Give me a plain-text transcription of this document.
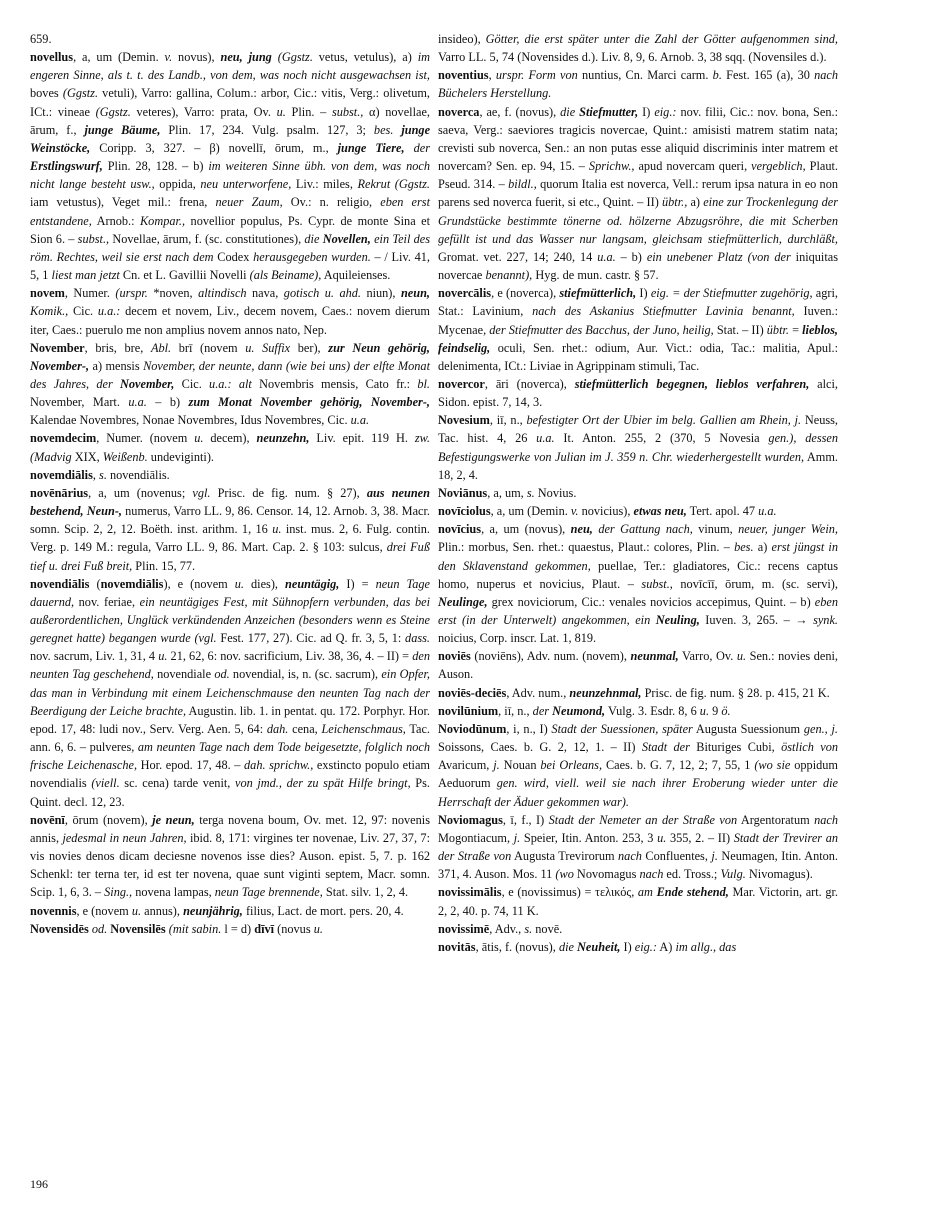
659.
novellus, a, um (Demin. v. novus), neu, jung (Ggstz. vetus, vetulus), a) im engeren Sinne, als t. t. des Landb., von dem, was noch nicht ausgewachsen ist, boves (Ggstz. vetuli), Varro: gallina, Colum.: arbor, Cic.: vitis, Verg.: olivetum, ICt.: vineae (Ggstz. veteres), Varro: prata, Ov. u. Plin. – subst., α) novellae, ārum, f., junge Bäume, Plin. 17, 234. Vulg. psalm. 127, 3; bes. junge Weinstöcke, Coripp. 3, 327. – β) novellī, ōrum, m., junge Tiere, der Erstlingswurf, Plin. 28, 128. – b) im weiteren Sinne übh. von dem, was noch nicht lange besteht usw., oppida, neu unterworfene, Liv.: miles, Rekrut (Ggstz. iam vetustus), Veget mil.: frena, neuer Zaum, Ov.: n. religio, eben erst entstandene, Arnob.: Kompar., novellior populus, Ps. Cypr. de monte Sina et Sion 6. – subst., Novellae, ārum, f. (sc. constitutiones), die Novellen, ein Teil des röm. Rechtes, weil sie erst nach dem Codex herausgegeben wurden. – / Liv. 41, 5, 1 liest man jetzt Cn. et L. Gavillii Novelli (als Beiname), Aquileienses.
novem, Numer. (urspr. *noven, altindisch nava, gotisch u. ahd. niun), neun, Komik., Cic. u.a.: decem et novem, Liv., decem novem, Caes.: novem dierum iter, Caes.: puerulo me non amplius novem annos nato, Nep.
November, bris, bre, Abl. brī (novem u. Suffix ber), zur Neun gehörig, November-, a) mensis November, der neunte, dann (wie bei uns) der elfte Monat des Jahres, der November, Cic. u.a.: alt Novembris mensis, Cato fr.: bl. November, Mart. u.a. – b) zum Monat November gehörig, November-, Kalendae Novembres, Nonae Novembres, Idus Novembres, Cic. u.a.
novemdecim, Numer. (novem u. decem), neunzehn, Liv. epit. 119 H. zw. (Madvig XIX, Weißenb. undeviginti).
novemdiālis, s. novendiālis.
novēnārius, a, um (novenus; vgl. Prisc. de fig. num. § 27), aus neunen bestehend, Neun-, numerus, Varro LL. 9, 86. Censor. 14, 12. Arnob. 3, 38. Macr. somn. Scip. 2, 2, 12. Boëth. inst. arithm. 1, 16 u. inst. mus. 2, 6. Fulg. contin. Verg. p. 149 M.: regula, Varro LL. 9, 86. Mart. Cap. 2. § 103: sulcus, drei Fuß tief u. drei Fuß breit, Plin. 15, 77.
novendiālis (novemdiālis), e (novem u. dies), neuntägig, I) = neun Tage dauernd, nov. feriae, ein neuntägiges Fest, mit Sühnopfern verbunden, das bei außerordentlichen, Unglück verkündenden Anzeichen (besonders wenn es Steine geregnet hatte) begangen wurde (vgl. Fest. 177, 27). Cic. ad Q. fr. 3, 5, 1: dass. nov. sacrum, Liv. 1, 31, 4 u. 21, 62, 6: nov. sacrificium, Liv. 38, 36, 4. – II) = den neunten Tag geschehend, novendiale od. novendial, is, n. (sc. sacrum), ein Opfer, das man in Verbindung mit einem Leichenschmause den neunten Tag nach der Beerdigung der Leiche brachte, Augustin. lib. 1. in pentat. qu. 172. Porphyr. Hor. epod. 17, 48: ludi nov., Serv. Verg. Aen. 5, 64: dah. cena, Leichenschmaus, Tac. ann. 6, 6. – pulveres, am neunten Tage nach dem Tode beigesetzte, folglich noch frische Leichenasche, Hor. epod. 17, 48. – dah. sprichw., exstincto populo etiam novendialis (viell. sc. cena) tarde venit, von jmd., der zu spät Hilfe bringt, Ps. Quint. decl. 12, 23.
novēnī, ōrum (novem), je neun, terga novena boum, Ov. met. 12, 97: novenis annis, jedesmal in neun Jahren, ibid. 8, 171: virgines ter novenae, Liv. 27, 37, 7: vis novies denos dicam deciesne novenos isse dies? Auson. epist. 5, 7. p. 162 Schenkl: ter terna ter, id est ter novena, quae sunt viginti septem, Macr. somn. Scip. 1, 6, 3. – Sing., novena lampas, neun Tage brennende, Stat. silv. 1, 2, 4.
novennis, e (novem u. annus), neunjährig, filius, Lact. de mort. pers. 20, 4.
Novensidēs od. Novensilēs (mit sabin. l = d) dīvī (novus u.
insideo), Götter, die erst später unter die Zahl der Götter aufgenommen sind, Varro LL. 5, 74 (Novensides d.). Liv. 8, 9, 6. Arnob. 3, 38 sqq. (Novensiles d.).
noventius, urspr. Form von nuntius, Cn. Marci carm. b. Fest. 165 (a), 30 nach Büchelers Herstellung.
noverca, ae, f. (novus), die Stiefmutter, I) eig.: nov. filii, Cic.: nov. bona, Sen.: saeva, Verg.: saeviores tragicis novercae, Quint.: amisisti matrem statim nata; crevisti sub noverca, Sen.: an non putas esse aliquid discriminis inter matrem et novercam? Sen. ep. 94, 15. – Sprichw., apud novercam queri, vergeblich, Plaut. Pseud. 314. – bildl., quorum Italia est noverca, Vell.: rerum ipsa natura in eo non parens sed noverca fuerit, si etc., Quint. – II) übtr., a) eine zur Trockenlegung der Grundstücke bestimmte tönerne od. hölzerne Abzugsröhre, die mit Scherben gefüllt ist und das Wasser nur langsam, gleichsam stiefmütterlich, durchläßt, Gromat. vet. 227, 14; 240, 14 u.a. – b) ein unebener Platz (von der iniquitas novercae benannt), Hyg. de mun. castr. § 57.
novercālis, e (noverca), stiefmütterlich, I) eig. = der Stiefmutter zugehörig, agri, Stat.: Lavinium, nach des Askanius Stiefmutter Lavinia benannt, Iuven.: Mycenae, der Stiefmutter des Bacchus, der Juno, heilig, Stat. – II) übtr. = lieblos, feindselig, oculi, Sen. rhet.: odium, Aur. Vict.: odia, Tac.: malitia, Apul.: delenimenta, ICt.: Liviae in Agrippinam stimuli, Tac.
novercor, āri (noverca), stiefmütterlich begegnen, lieblos verfahren, alci, Sidon. epist. 7, 14, 3.
Novesium, iī, n., befestigter Ort der Ubier im belg. Gallien am Rhein, j. Neuss, Tac. hist. 4, 26 u.a. It. Anton. 255, 2 (370, 5 Novesia gen.), dessen Befestigungswerke von Julian im J. 359 n. Chr. wiederhergestellt wurden, Amm. 18, 2, 4.
Noviānus, a, um, s. Novius.
novīciolus, a, um (Demin. v. novicius), etwas neu, Tert. apol. 47 u.a.
novīcius, a, um (novus), neu, der Gattung nach, vinum, neuer, junger Wein, Plin.: morbus, Sen. rhet.: quaestus, Plaut.: colores, Plin. – bes. a) erst jüngst in den Sklavenstand gekommen, puellae, Ter.: gladiatores, Cic.: recens captus homo, nuperus et novicius, Plaut. – subst., novīcīī, ōrum, m. (sc. servi), Neulinge, grex noviciorum, Cic.: venales novicios accepimus, Quint. – b) eben erst (in der Unterwelt) angekommen, ein Neuling, Iuven. 3, 265. – → synk. noicius, Corp. inscr. Lat. 1, 819.
noviēs (noviēns), Adv. num. (novem), neunmal, Varro, Ov. u. Sen.: novies deni, Auson.
noviēs-deciēs, Adv. num., neunzehnmal, Prisc. de fig. num. § 28. p. 415, 21 K.
novilūnium, iī, n., der Neumond, Vulg. 3. Esdr. 8, 6 u. 9 ö.
Noviodūnum, i, n., I) Stadt der Suessionen, später Augusta Suessionum gen., j. Soissons, Caes. b. G. 2, 12, 1. – II) Stadt der Bituriges Cubi, östlich von Avaricum, j. Nouan bei Orleans, Caes. b. G. 7, 12, 2; 7, 55, 1 (wo sie oppidum Aeduorum gen. wird, viell. weil sie nach ihrer Eroberung wieder unter die Herrschaft der Äduer gekommen war).
Noviomagus, ī, f., I) Stadt der Nemeter an der Straße von Argentoratum nach Mogontiacum, j. Speier, Itin. Anton. 253, 3 u. 355, 2. – II) Stadt der Trevirer an der Straße von Augusta Trevirorum nach Confluentes, j. Neumagen, Itin. Anton. 371, 4. Auson. Mos. 11 (wo Novomagus nach ed. Tross.; Vulg. Nivomagus).
novissimālis, e (novissimus) = τελικός, am Ende stehend, Mar. Victorin, art. gr. 2, 2, 40. p. 74, 11 K.
novissimē, Adv., s. novē.
novitās, ātis, f. (novus), die Neuheit, I) eig.: A) im allg., das
196
